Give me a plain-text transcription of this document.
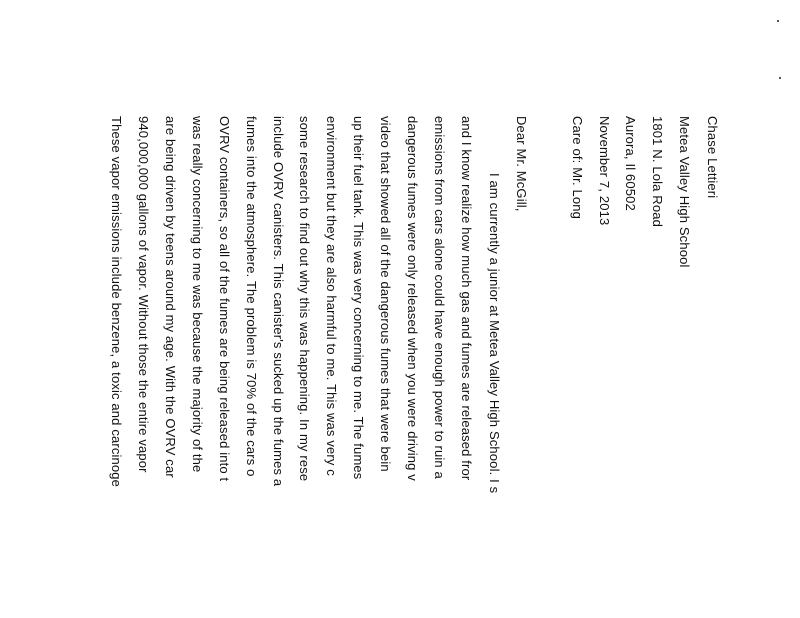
Chase Lettieri
Metea Valley High School
1801 N. Lola Road
Aurora, Il 60502
November 7, 2013
Care of: Mr. Long
Dear Mr. McGill,
I am currently a junior at Metea Valley High School. I s
and I know realize how much gas and fumes are released fror
emissions from cars alone could have enough power to ruin a
dangerous fumes were only released when you were driving v
video that showed all of the dangerous fumes that were bein
up their fuel tank. This was very concerning to me. The fumes
environment but they are also harmful to me. This was very c
some research to find out why this was happening. In my rese
include OVRV canisters. This canister's sucked up the fumes a
fumes into the atmosphere. The problem is 70% of the cars o
OVRV containers, so all of the fumes are being released into t
was really concerning to me was because the majority of the
are being driven by teens around my age. With the OVRV car
940,000,000 gallons of vapor. Without those the entire vapor
These vapor emissions include benzene, a toxic and carcinoge
